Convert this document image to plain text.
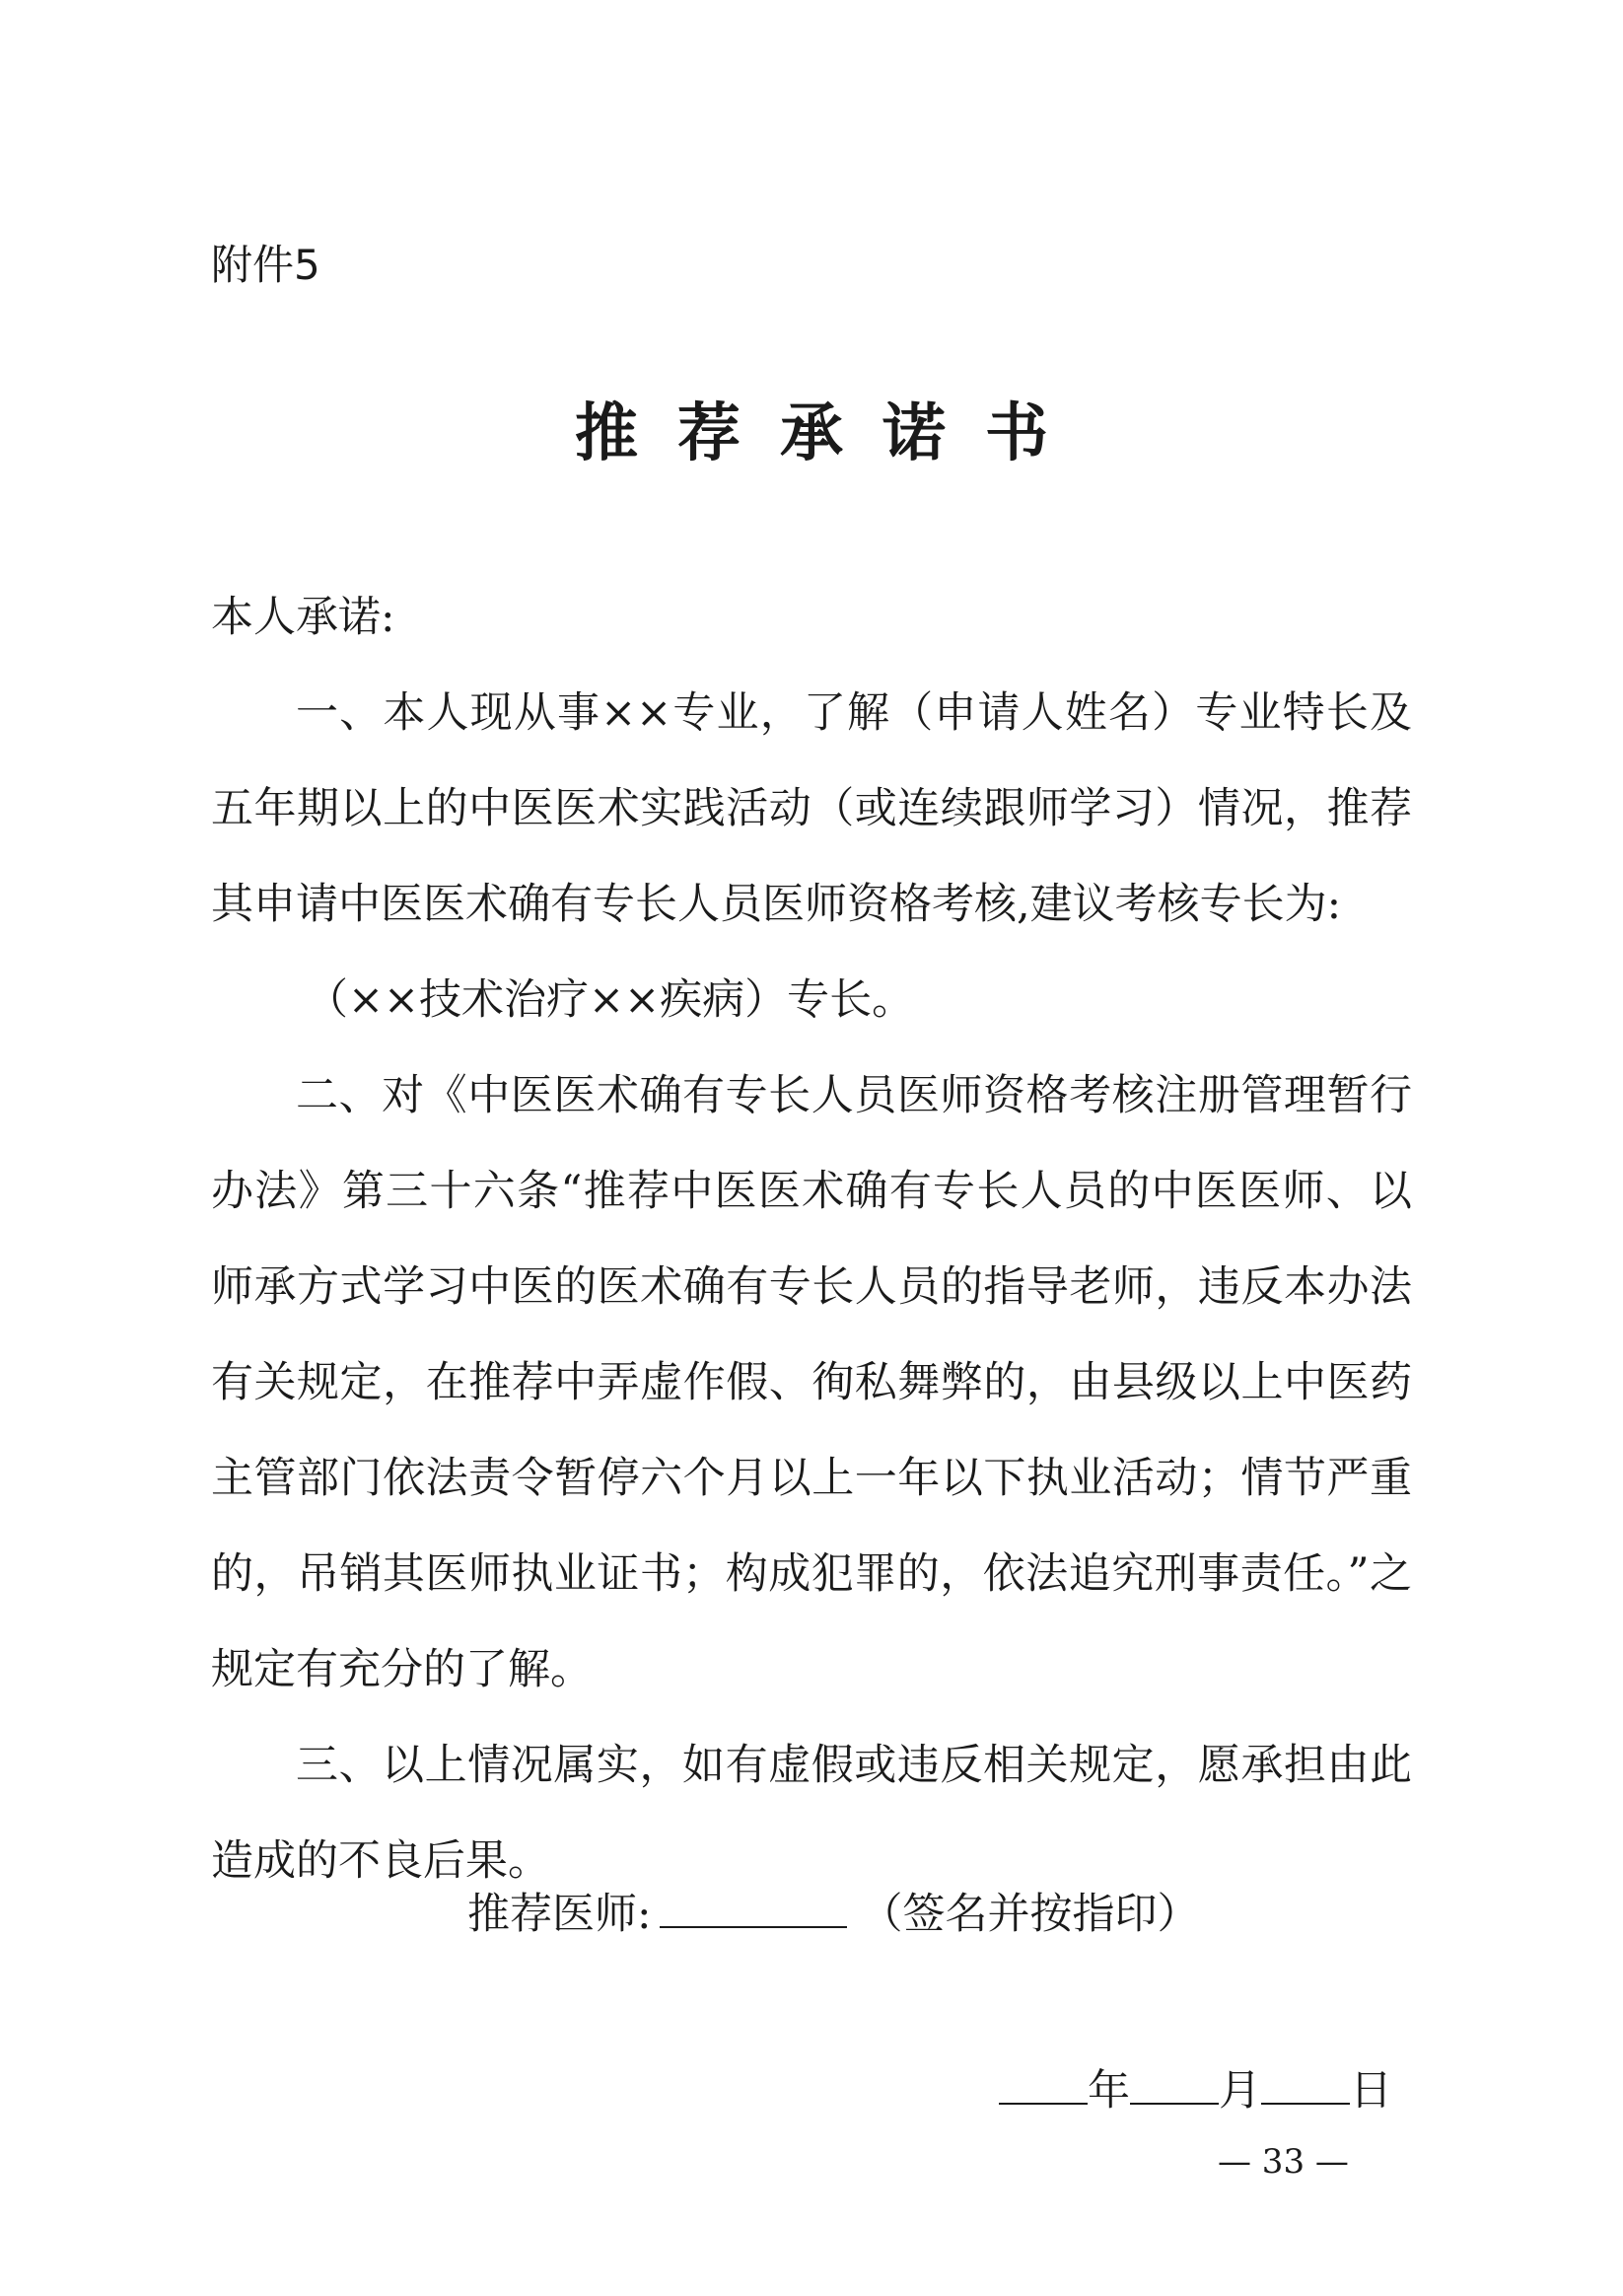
附件5
推荐承诺书

本人承诺:

一、本人现从事××专业，了解（申请人姓名）专业特长及五年期以上的中医医术实践活动（或连续跟师学习）情况，推荐其申请中医医术确有专长人员医师资格考核,建议考核专长为:

（××技术治疗××疾病）专长。

二、对《中医医术确有专长人员医师资格考核注册管理暂行办法》第三十六条“推荐中医医术确有专长人员的中医医师、以师承方式学习中医的医术确有专长人员的指导老师，违反本办法有关规定，在推荐中弄虚作假、徇私舞弊的，由县级以上中医药主管部门依法责令暂停六个月以上一年以下执业活动；情节严重的，吊销其医师执业证书；构成犯罪的，依法追究刑事责任。”之规定有充分的了解。

三、以上情况属实，如有虚假或违反相关规定，愿承担由此造成的不良后果。

推荐医师:	（签名并按指印）
年 月 日
— 33 —
